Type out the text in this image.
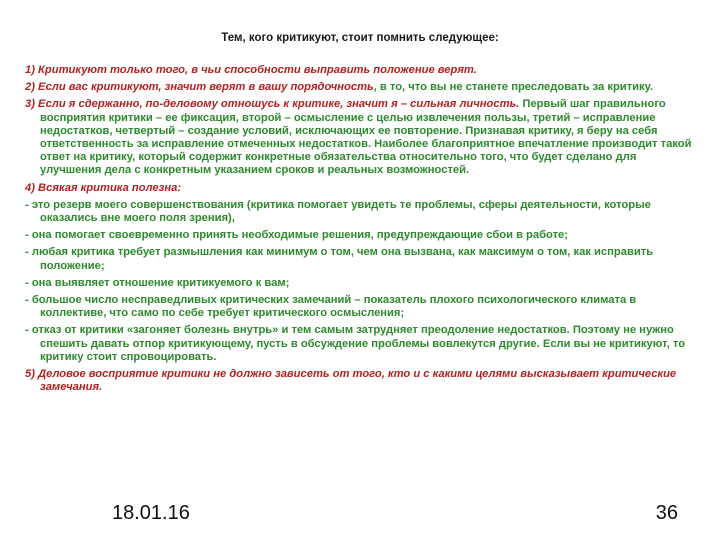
Тем, кого критикуют, стоит помнить следующее:

1) Критикуют только того, в чьи способности выправить положение верят.

2) Если вас критикуют, значит верят в вашу порядочность, в то, что вы не станете преследовать за критику.

3) Если я сдержанно, по-деловому отношусь к критике, значит я – сильная личность. Первый шаг правильного восприятия критики – ее фиксация, второй – осмысление с целью извлечения пользы, третий – исправление недостатков, четвертый – создание условий, исключающих ее повторение. Признавая критику, я беру на себя ответственность за исправление отмеченных недостатков. Наиболее благоприятное впечатление производит такой ответ на критику, который содержит конкретные обязательства относительно того, что будет сделано для улучшения дела с конкретным указанием сроков и реальных возможностей.

4) Всякая критика полезна:

- это резерв моего совершенствования (критика помогает увидеть те проблемы, сферы деятельности, которые оказались вне моего поля зрения),

- она помогает своевременно принять необходимые решения, предупреждающие сбои в работе;

- любая критика требует размышления как минимум о том, чем она вызвана, как максимум о том, как исправить положение;

- она выявляет отношение критикуемого к вам;

- большое число несправедливых критических замечаний – показатель плохого психологического климата в коллективе, что само по себе требует критического осмысления;

- отказ от критики «загоняет болезнь внутрь» и тем самым затрудняет преодоление недостатков. Поэтому не нужно спешить давать отпор критикующему, пусть в обсуждение проблемы вовлекутся другие. Если вы не критикуют, то критику стоит спровоцировать.

5) Деловое восприятие критики не должно зависеть от того, кто и с какими целями высказывает критические замечания.

18.01.16	36
